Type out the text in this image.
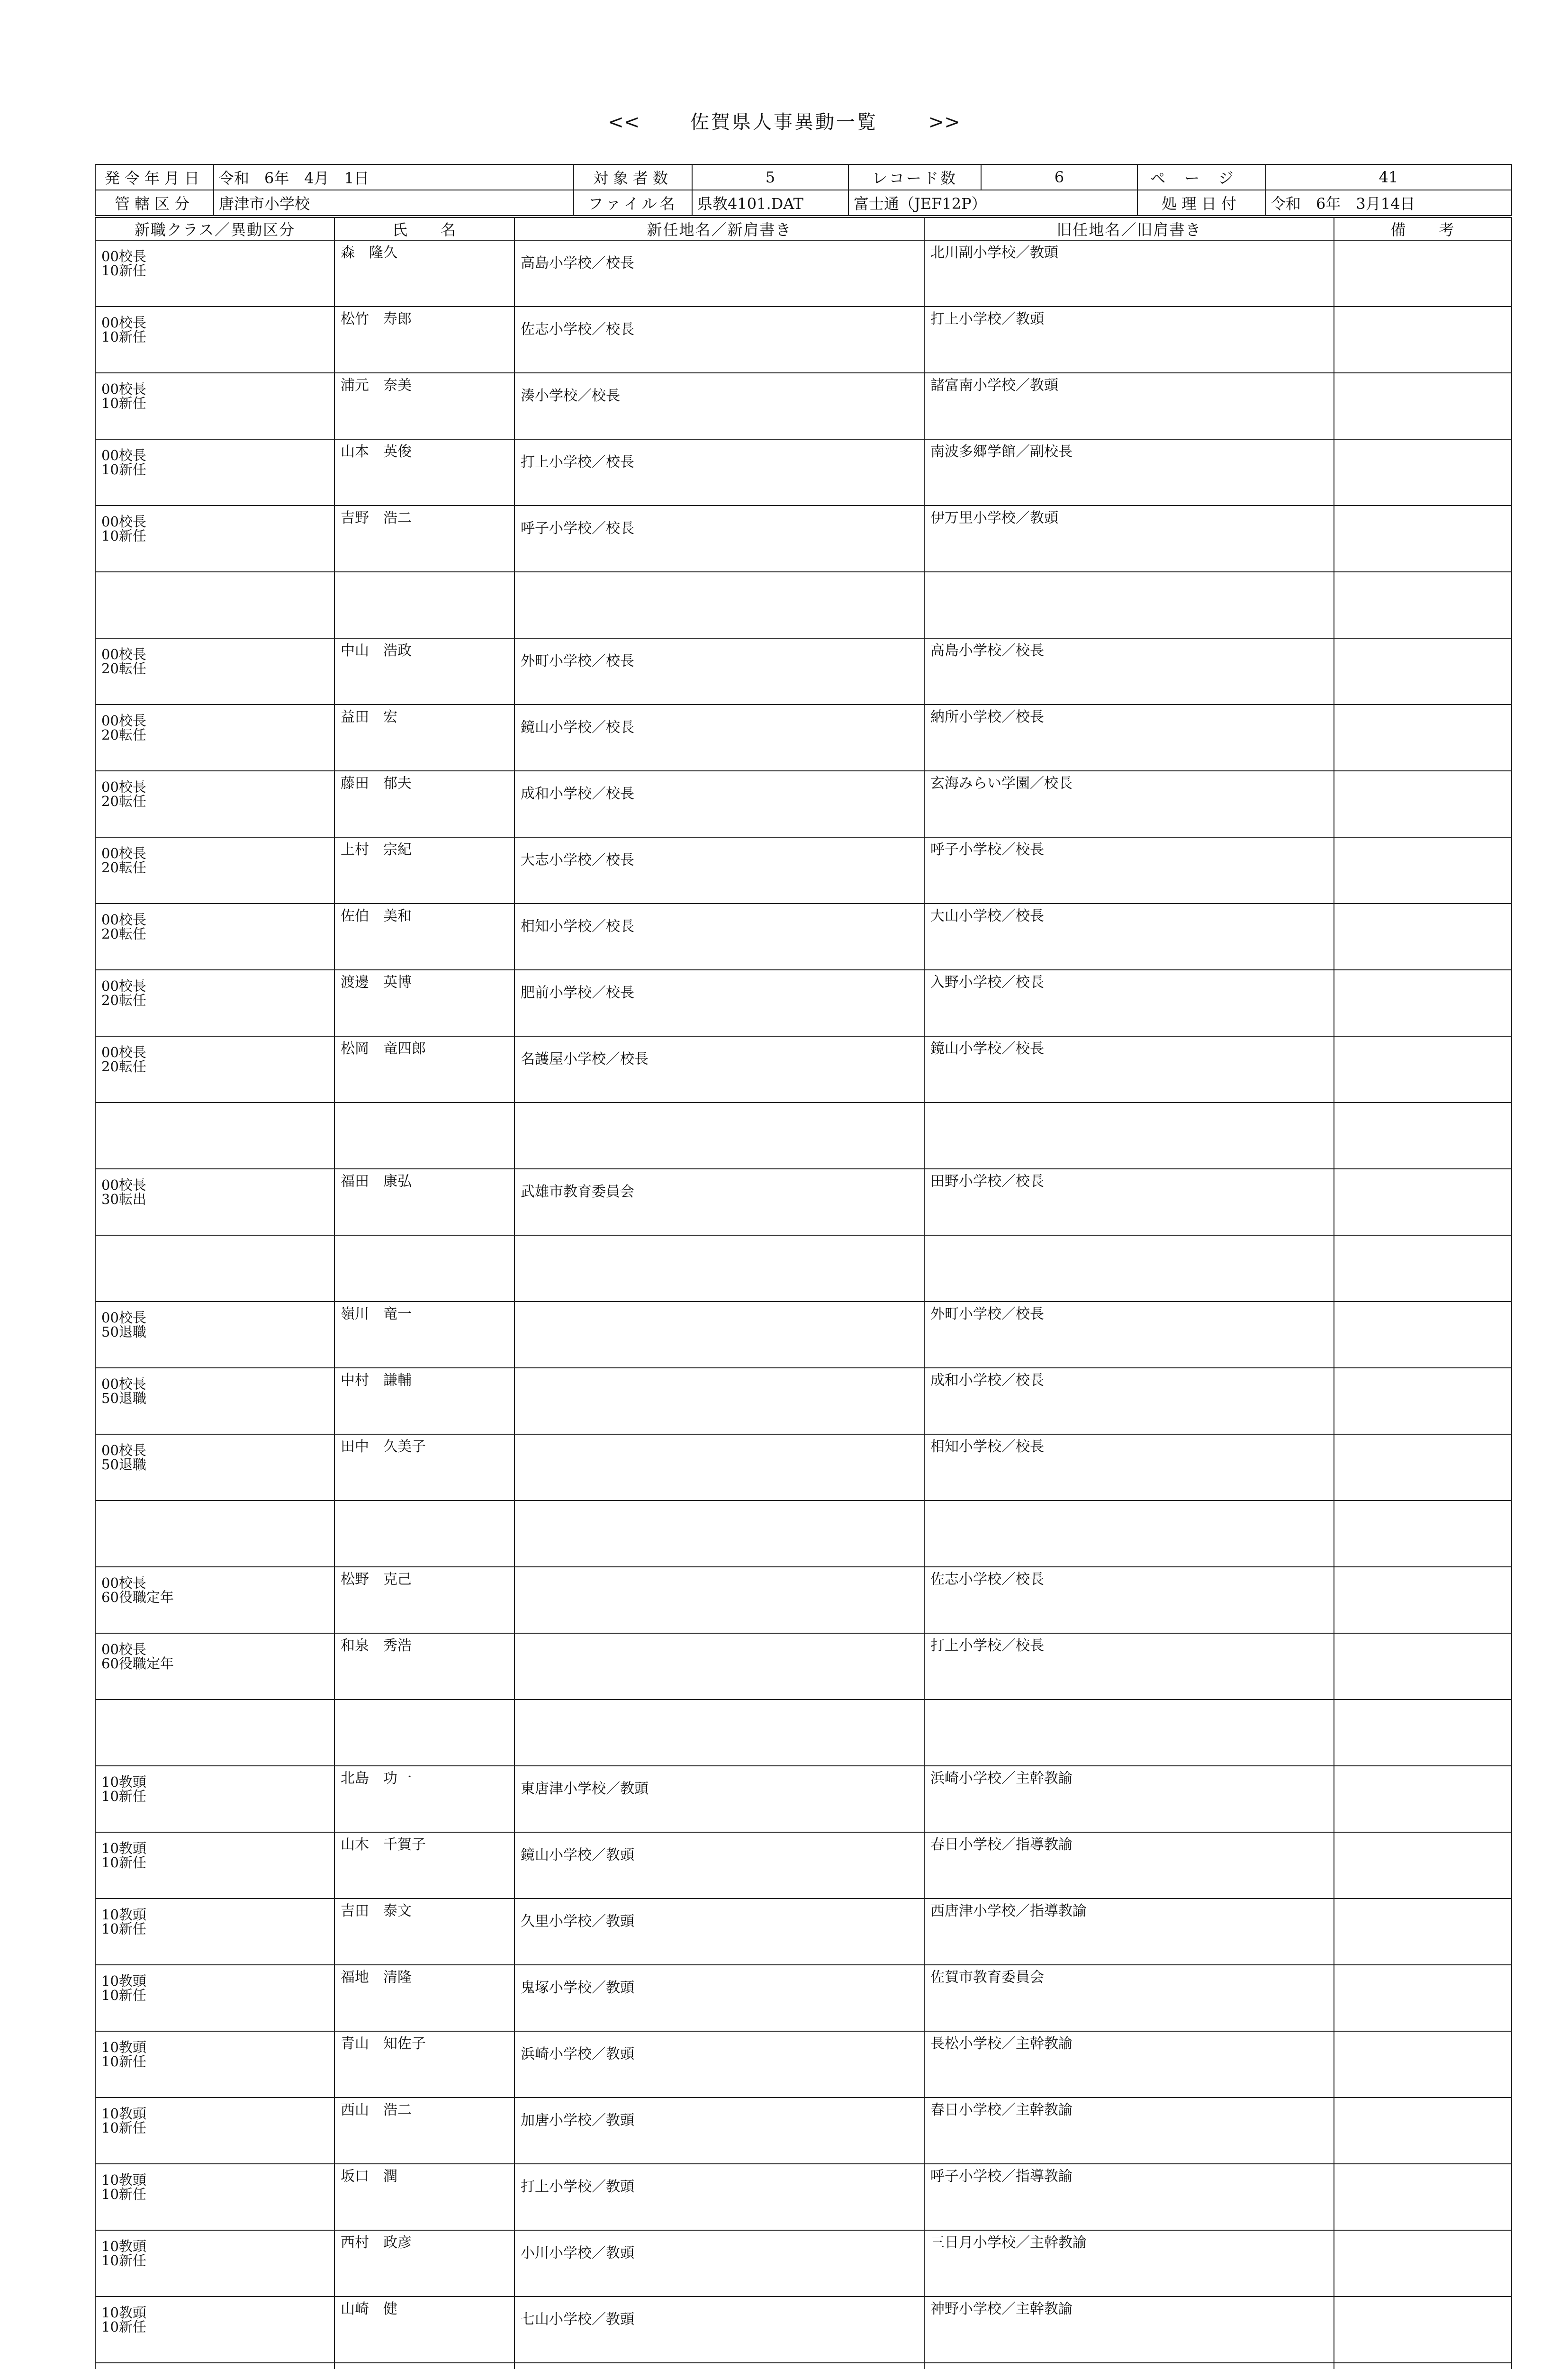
<<	佐賀県人事異動一覧	>>
発令年月日	令和　6年　4月　1日	対象者数	5	レコード数	6	ページ	41
管轄区分	唐津市小学校	ファイル名	県教4101.DAT	富士通（JEF12P）		処理日付	令和　6年　3月14日
新職クラス／異動区分	氏　　名	新任地名／新肩書き	旧任地名／旧肩書き	備　　考

00校長
10新任	森　隆久	高島小学校／校長	北川副小学校／教頭	

00校長
10新任	松竹　寿郎	佐志小学校／校長	打上小学校／教頭	

00校長
10新任	浦元　奈美	湊小学校／校長	諸富南小学校／教頭	

00校長
10新任	山本　英俊	打上小学校／校長	南波多郷学館／副校長	

00校長
10新任	吉野　浩二	呼子小学校／校長	伊万里小学校／教頭	

00校長
20転任	中山　浩政	外町小学校／校長	高島小学校／校長	

00校長
20転任	益田　宏	鏡山小学校／校長	納所小学校／校長	

00校長
20転任	藤田　郁夫	成和小学校／校長	玄海みらい学園／校長	

00校長
20転任	上村　宗紀	大志小学校／校長	呼子小学校／校長	

00校長
20転任	佐伯　美和	相知小学校／校長	大山小学校／校長	

00校長
20転任	渡邊　英博	肥前小学校／校長	入野小学校／校長	

00校長
20転任	松岡　竜四郎	名護屋小学校／校長	鏡山小学校／校長	

00校長
30転出	福田　康弘	武雄市教育委員会	田野小学校／校長	

00校長
50退職	嶺川　竜一		外町小学校／校長	

00校長
50退職	中村　謙輔		成和小学校／校長	

00校長
50退職	田中　久美子		相知小学校／校長	

00校長
60役職定年	松野　克己		佐志小学校／校長	

00校長
60役職定年	和泉　秀浩		打上小学校／校長	

10教頭
10新任	北島　功一	東唐津小学校／教頭	浜崎小学校／主幹教諭	

10教頭
10新任	山木　千賀子	鏡山小学校／教頭	春日小学校／指導教諭	

10教頭
10新任	吉田　泰文	久里小学校／教頭	西唐津小学校／指導教諭	

10教頭
10新任	福地　清隆	鬼塚小学校／教頭	佐賀市教育委員会	

10教頭
10新任	青山　知佐子	浜崎小学校／教頭	長松小学校／主幹教諭	

10教頭
10新任	西山　浩二	加唐小学校／教頭	春日小学校／主幹教諭	

10教頭
10新任	坂口　潤	打上小学校／教頭	呼子小学校／指導教諭	

10教頭
10新任	西村　政彦	小川小学校／教頭	三日月小学校／主幹教諭	

10教頭
10新任	山崎　健	七山小学校／教頭	神野小学校／主幹教諭	
